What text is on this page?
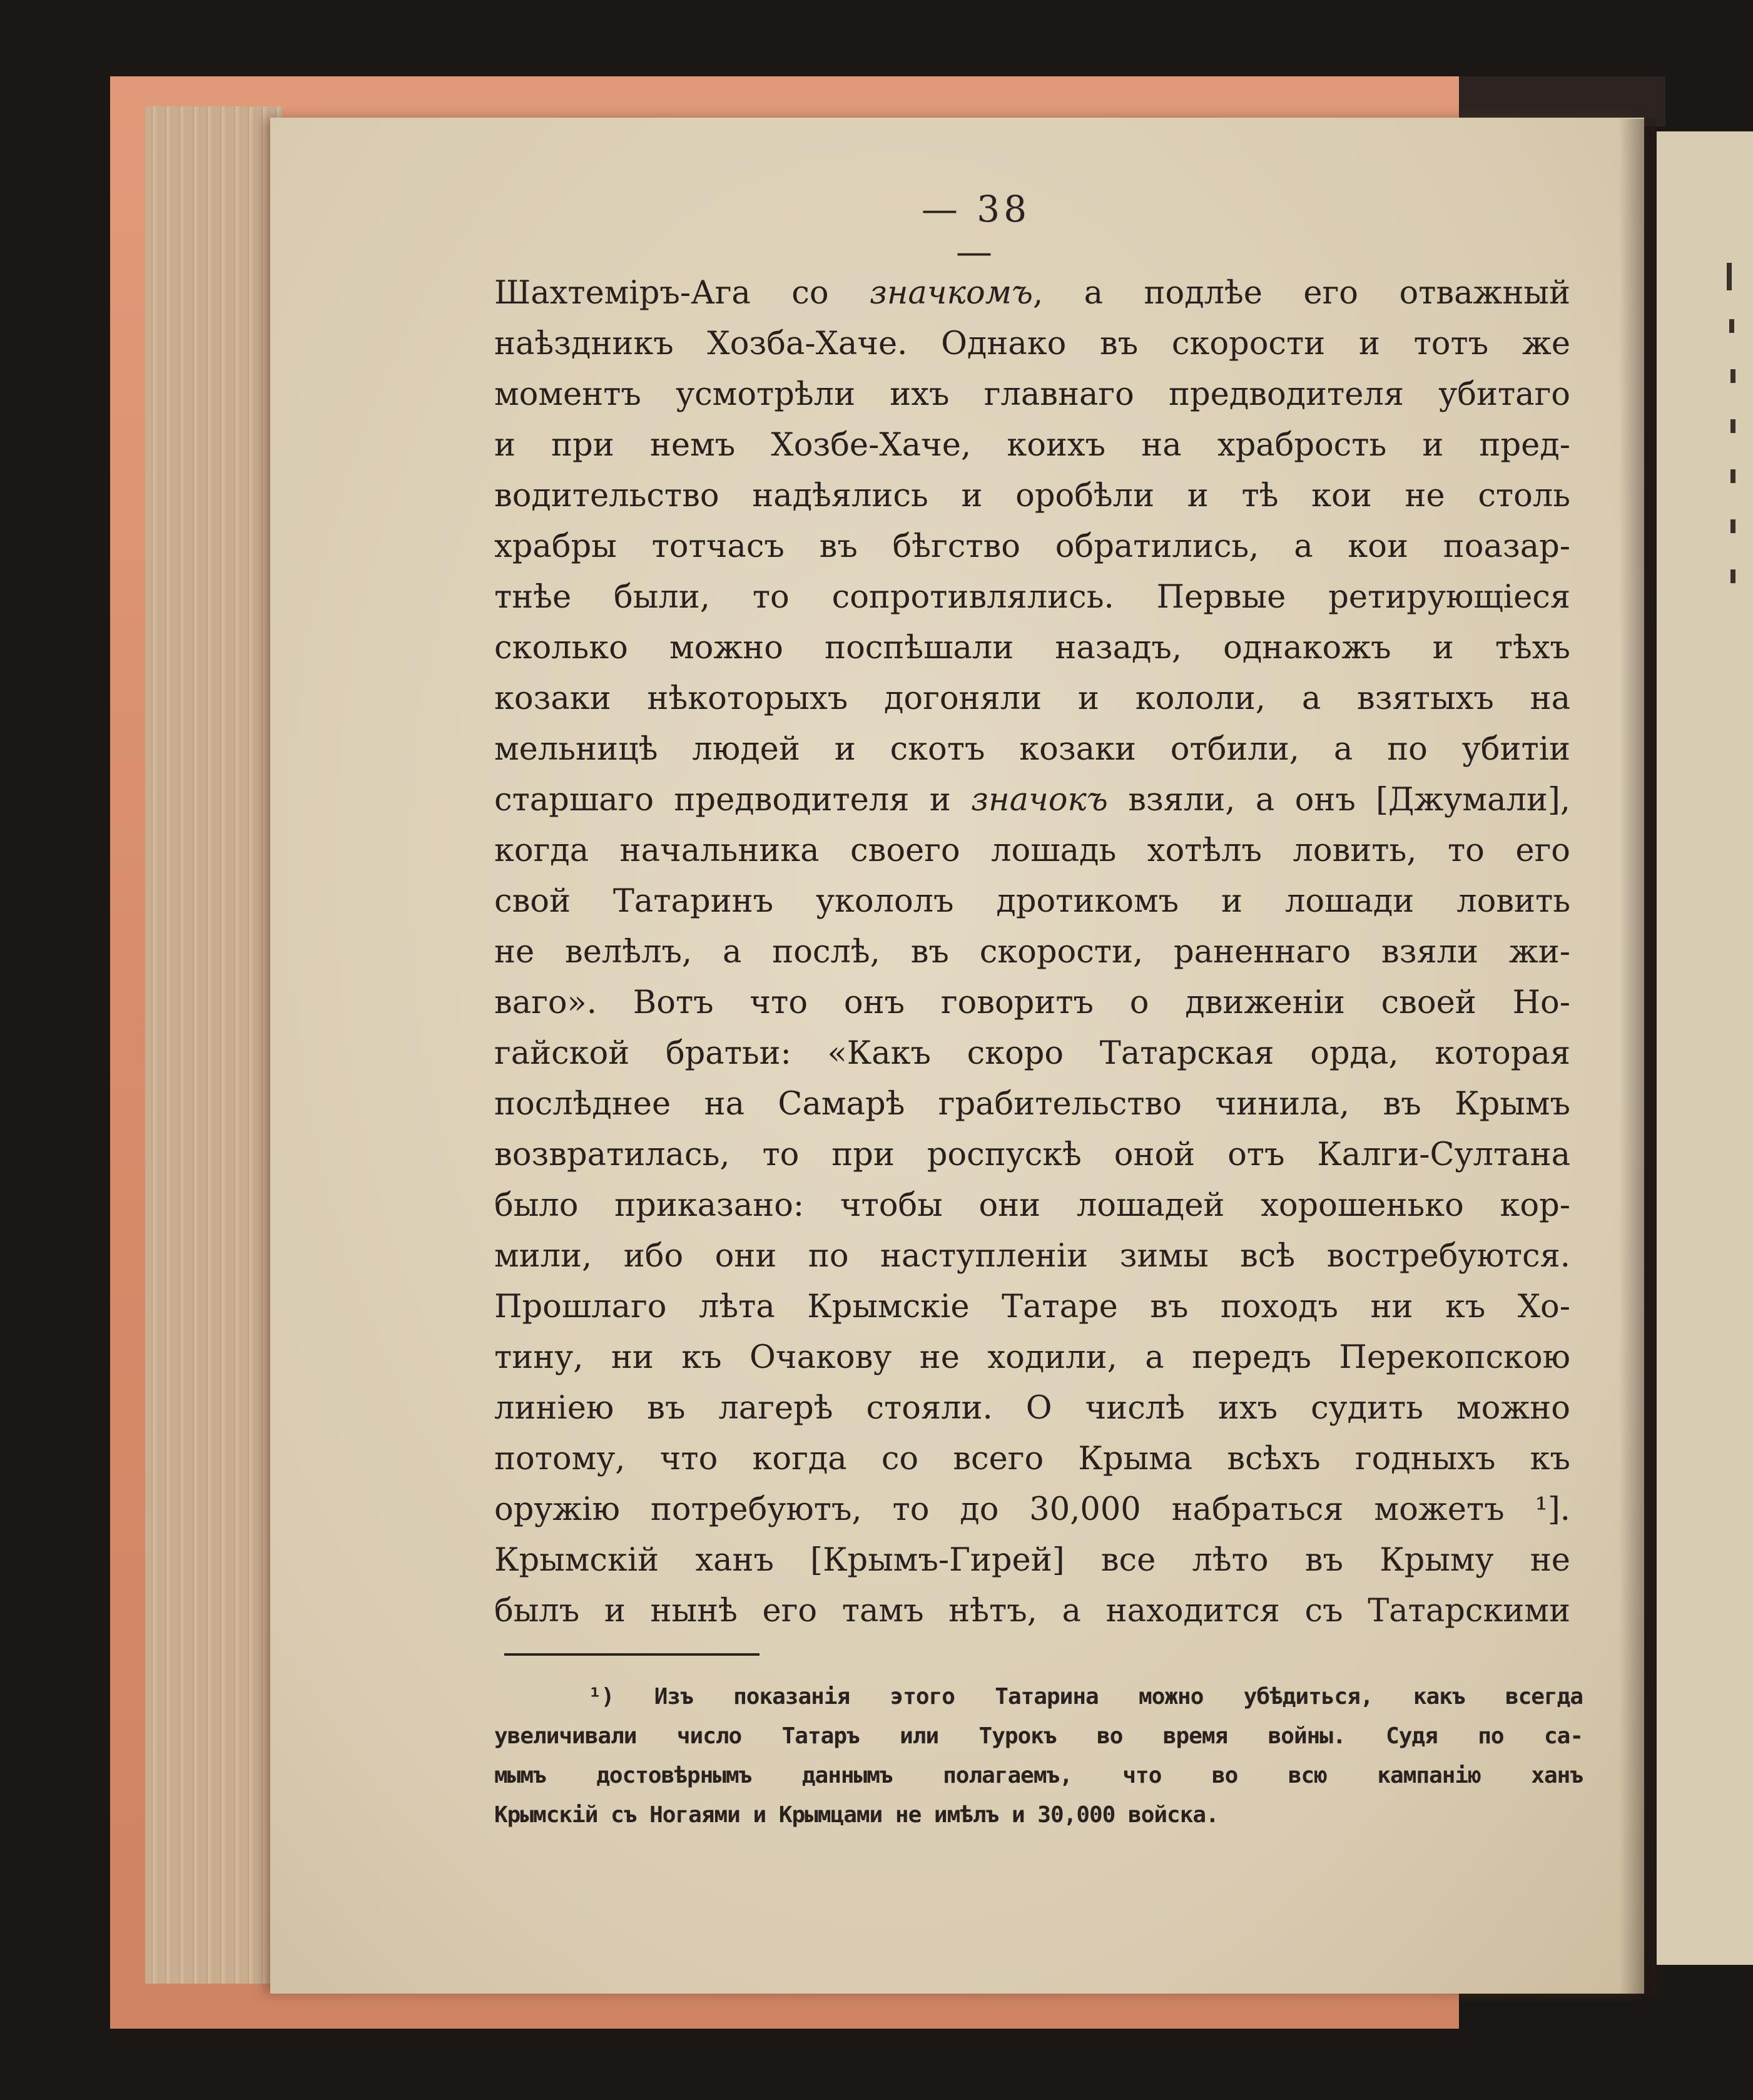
— 38 —
Шахтеміръ-Ага со значкомъ, а подлѣе его отважный
наѣздникъ Хозба-Хаче. Однако въ скорости и тотъ же
моментъ усмотрѣли ихъ главнаго предводителя убитаго
и при немъ Хозбе-Хаче, коихъ на храбрость и пред-
водительство надѣялись и оробѣли и тѣ кои не столь
храбры тотчасъ въ бѣгство обратились, а кои поазар-
тнѣе были, то сопротивлялись. Первые ретирующіеся
сколько можно поспѣшали назадъ, однакожъ и тѣхъ
козаки нѣкоторыхъ догоняли и кололи, а взятыхъ на
мельницѣ людей и скотъ козаки отбили, а по убитіи
старшаго предводителя и значокъ взяли, а онъ [Джумали],
когда начальника своего лошадь хотѣлъ ловить, то его
свой Татаринъ укололъ дротикомъ и лошади ловить
не велѣлъ, а послѣ, въ скорости, раненнаго взяли жи-
ваго». Вотъ что онъ говоритъ о движеніи своей Но-
гайской братьи: «Какъ скоро Татарская орда, которая
послѣднее на Самарѣ грабительство чинила, въ Крымъ
возвратилась, то при роспускѣ оной отъ Калги-Султана
было приказано: чтобы они лошадей хорошенько кор-
мили, ибо они по наступленіи зимы всѣ востребуются.
Прошлаго лѣта Крымскіе Татаре въ походъ ни къ Хо-
тину, ни къ Очакову не ходили, а передъ Перекопскою
линіею въ лагерѣ стояли. О числѣ ихъ судить можно
потому, что когда со всего Крыма всѣхъ годныхъ къ
оружію потребуютъ, то до 30,000 набраться можетъ ¹].
Крымскій ханъ [Крымъ-Гирей] все лѣто въ Крыму не
былъ и нынѣ его тамъ нѣтъ, а находится съ Татарскими
¹) Изъ показанія этого Татарина можно убѣдиться, какъ всегда
увеличивали число Татаръ или Турокъ во время войны. Судя по са-
мымъ достовѣрнымъ даннымъ полагаемъ, что во всю кампанію ханъ
Крымскій съ Ногаями и Крымцами не имѣлъ и 30,000 войска.
